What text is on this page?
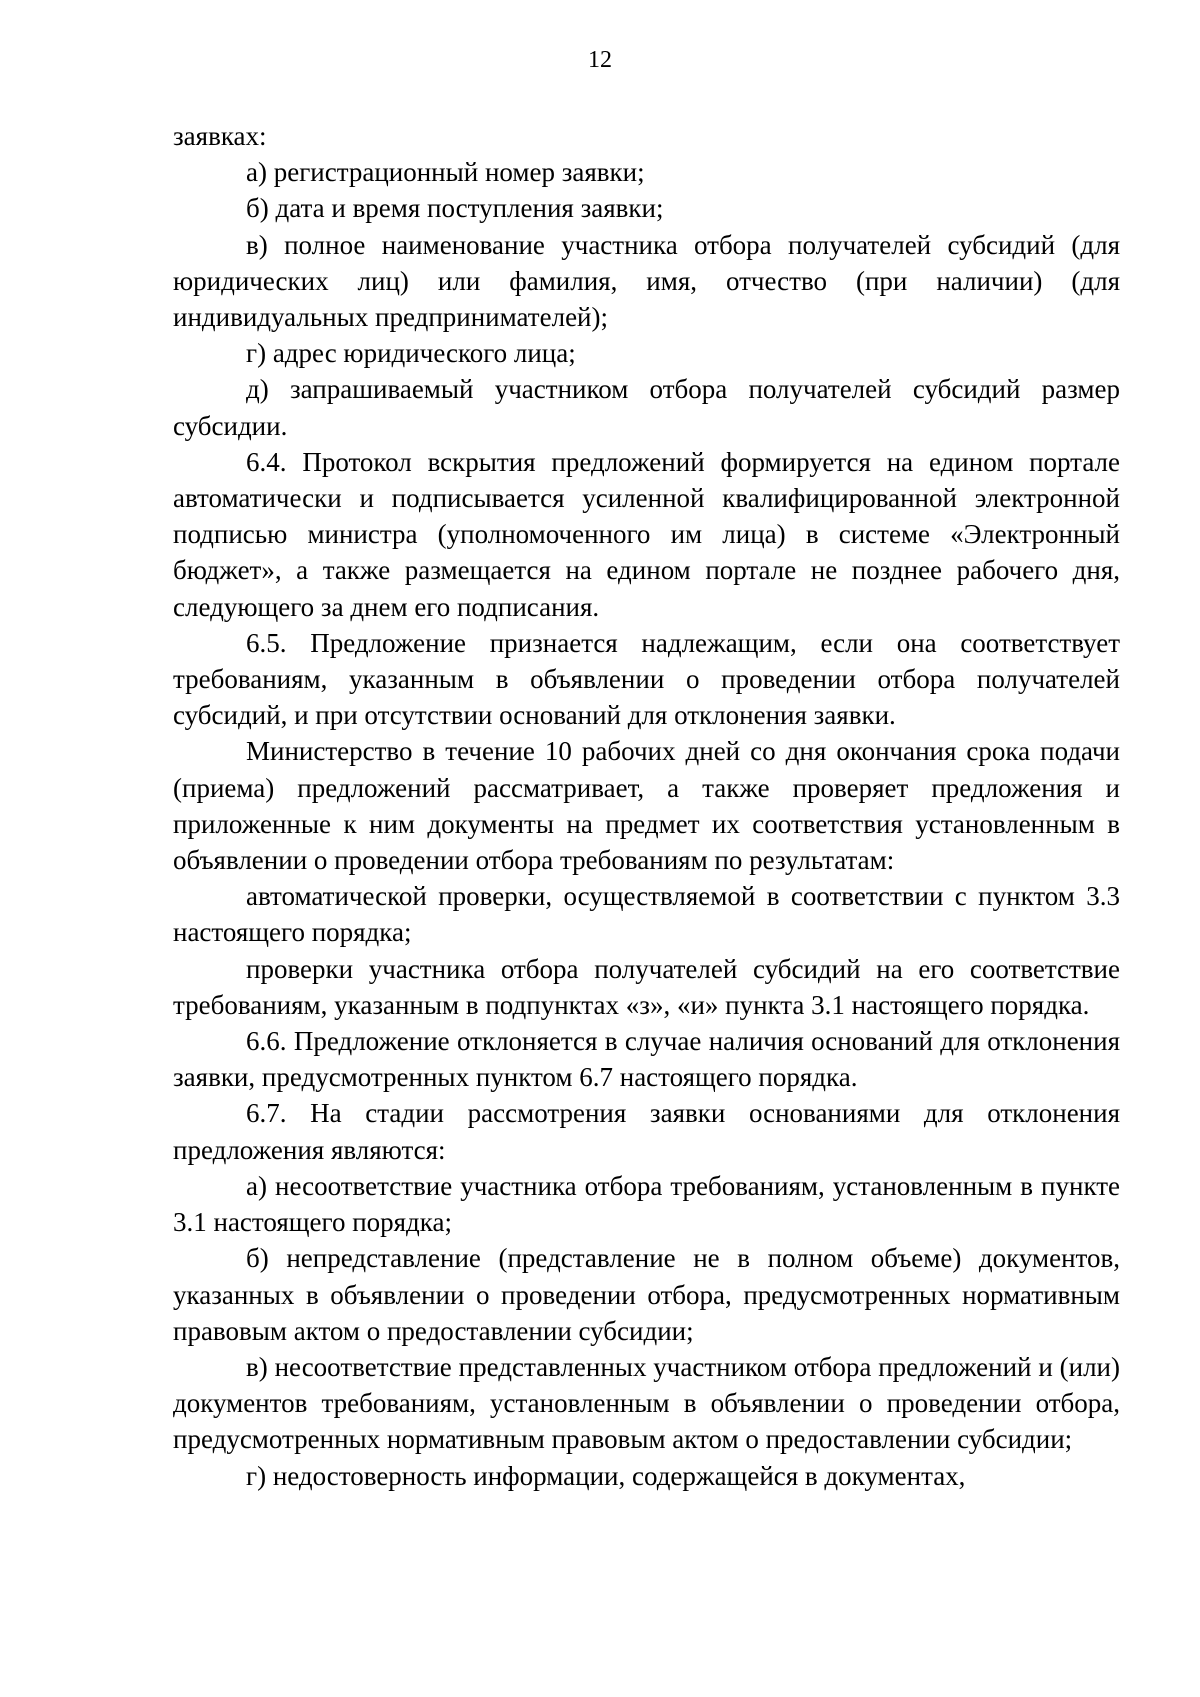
12

заявках:

а) регистрационный номер заявки;

б) дата и время поступления заявки;

в) полное наименование участника отбора получателей субсидий (для юридических лиц) или фамилия, имя, отчество (при наличии) (для индивидуальных предпринимателей);

г) адрес юридического лица;

д) запрашиваемый участником отбора получателей субсидий размер субсидии.

6.4. Протокол вскрытия предложений формируется на едином портале автоматически и подписывается усиленной квалифицированной электронной подписью министра (уполномоченного им лица) в системе «Электронный бюджет», а также размещается на едином портале не позднее рабочего дня, следующего за днем его подписания.

6.5. Предложение признается надлежащим, если она соответствует требованиям, указанным в объявлении о проведении отбора получателей субсидий, и при отсутствии оснований для отклонения заявки.

Министерство в течение 10 рабочих дней со дня окончания срока подачи (приема) предложений рассматривает, а также проверяет предложения и приложенные к ним документы на предмет их соответствия установленным в объявлении о проведении отбора требованиям по результатам:

автоматической проверки, осуществляемой в соответствии с пунктом 3.3 настоящего порядка;

проверки участника отбора получателей субсидий на его соответствие требованиям, указанным в подпунктах «з», «и» пункта 3.1 настоящего порядка.

6.6. Предложение отклоняется в случае наличия оснований для отклонения заявки, предусмотренных пунктом 6.7 настоящего порядка.

6.7. На стадии рассмотрения заявки основаниями для отклонения предложения являются:

а) несоответствие участника отбора требованиям, установленным в пункте 3.1 настоящего порядка;

б) непредставление (представление не в полном объеме) документов, указанных в объявлении о проведении отбора, предусмотренных нормативным правовым актом о предоставлении субсидии;

в) несоответствие представленных участником отбора предложений и (или) документов требованиям, установленным в объявлении о проведении отбора, предусмотренных нормативным правовым актом о предоставлении субсидии;

г) недостоверность информации, содержащейся в документах,
